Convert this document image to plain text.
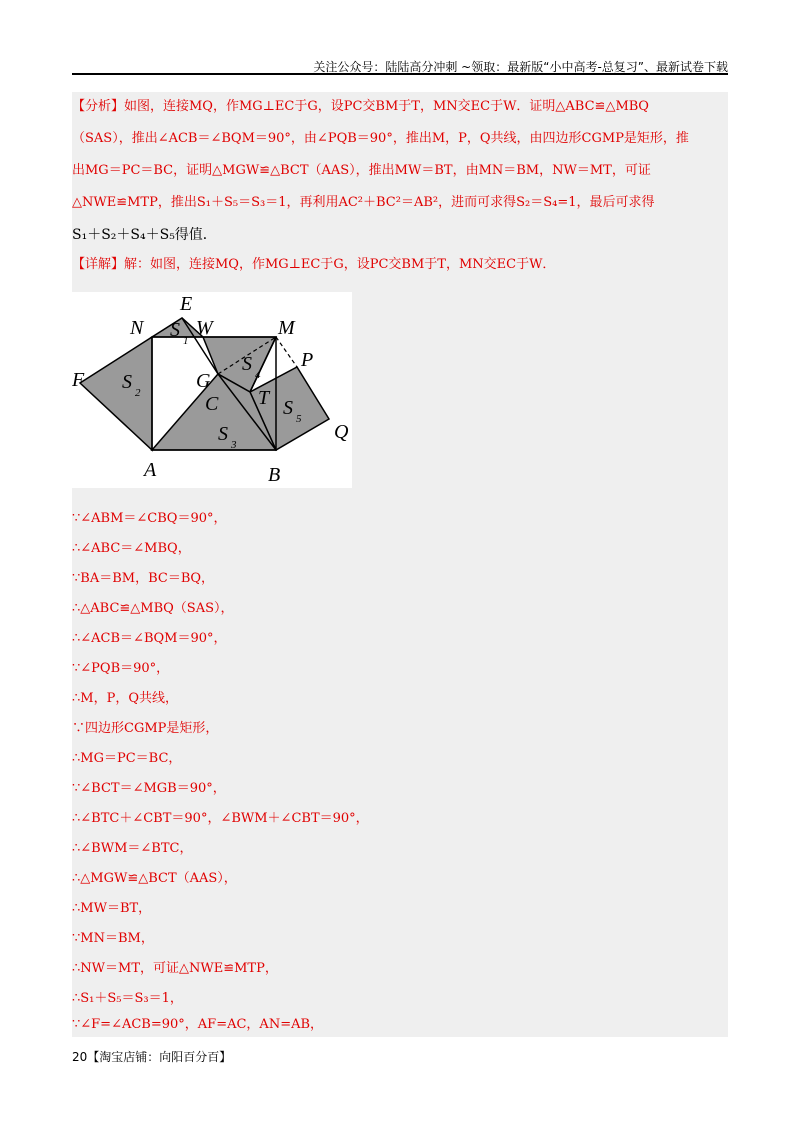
关注公众号：陆陆高分冲刺 ~领取：最新版“小中高考-总复习”、最新试卷下载
【分析】如图，连接MQ，作MG⊥EC于G，设PC交BM于T，MN交EC于W．证明△ABC≌△MBQ
（SAS），推出∠ACB＝∠BQM＝90°，由∠PQB＝90°，推出M，P，Q共线，由四边形CGMP是矩形，推
出MG＝PC＝BC，证明△MGW≌△BCT（AAS），推出MW＝BT，由MN＝BM，NW＝MT，可证
△NWE≌MTP，推出S₁＋S₅＝S₃＝1，再利用AC²＋BC²＝AB²，进而可求得S₂＝S₄=1，最后可求得
S₁＋S₂＋S₄＋S₅得值．
【详解】解：如图，连接MQ，作MG⊥EC于G，设PC交BM于T，MN交EC于W．
E
N S 1
W	M
P
F S 2
G
S 4
C T S 5
Q
S 3
A	B
∵∠ABM＝∠CBQ＝90°，
∴∠ABC＝∠MBQ，
∵BA＝BM，BC＝BQ，
∴△ABC≌△MBQ（SAS），
∴∠ACB＝∠BQM＝90°，
∵∠PQB＝90°，
∴M，P，Q共线，
∵四边形CGMP是矩形，
∴MG＝PC＝BC，
∵∠BCT＝∠MGB＝90°，
∴∠BTC＋∠CBT＝90°，∠BWM＋∠CBT＝90°，
∴∠BWM＝∠BTC，
∴△MGW≌△BCT（AAS），
∴MW＝BT，
∵MN＝BM，
∴NW＝MT，可证△NWE≌MTP，
∴S₁＋S₅＝S₃＝1，
∵∠F=∠ACB=90°，AF=AC，AN=AB，
20【淘宝店铺：向阳百分百】
